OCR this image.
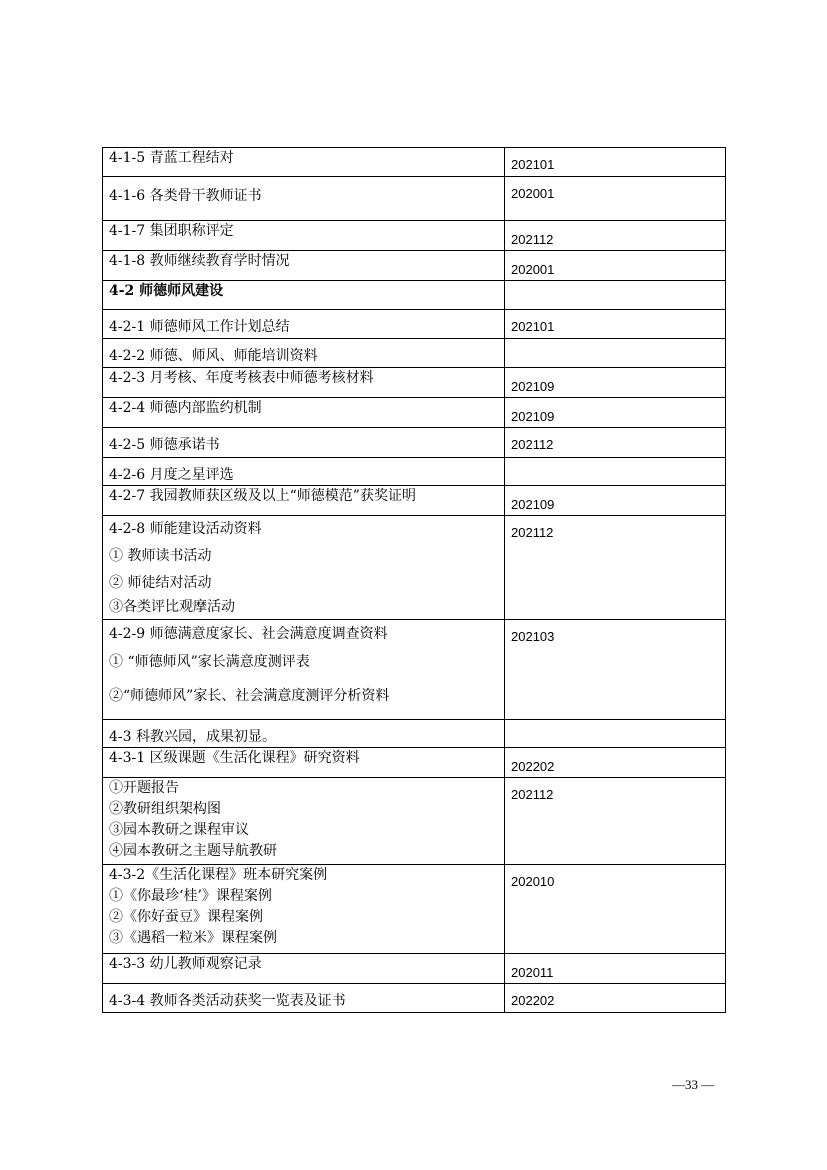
4-1-5 青蓝工程结对	202101
4-1-6 各类骨干教师证书	202001
4-1-7 集团职称评定	202112
4-1-8 教师继续教育学时情况	202001
4-2 师德师风建设	
4-2-1 师德师风工作计划总结	202101
4-2-2 师德、师风、师能培训资料	
4-2-3 月考核、年度考核表中师德考核材料	202109
4-2-4 师德内部监约机制	202109
4-2-5 师德承诺书	202112
4-2-6 月度之星评选	
4-2-7 我园教师获区级及以上“师德模范”获奖证明	202109

4-2-8 师能建设活动资料
① 教师读书活动
② 师徒结对活动
③各类评比观摩活动	202112

4-2-9 师德满意度家长、社会满意度调查资料
① “师德师风”家长满意度测评表
②“师德师风”家长、社会满意度测评分析资料	202103
4-3 科教兴园，成果初显。	
4-3-1 区级课题《生活化课程》研究资料	202202

①开题报告
②教研组织架构图
③园本教研之课程审议
④园本教研之主题导航教研	202112

4-3-2《生活化课程》班本研究案例
①《你最珍‘桂’》课程案例
②《你好蚕豆》课程案例
③《遇稻一粒米》课程案例	202010
4-3-3 幼儿教师观察记录	202011
4-3-4 教师各类活动获奖一览表及证书	202202
—33 —
